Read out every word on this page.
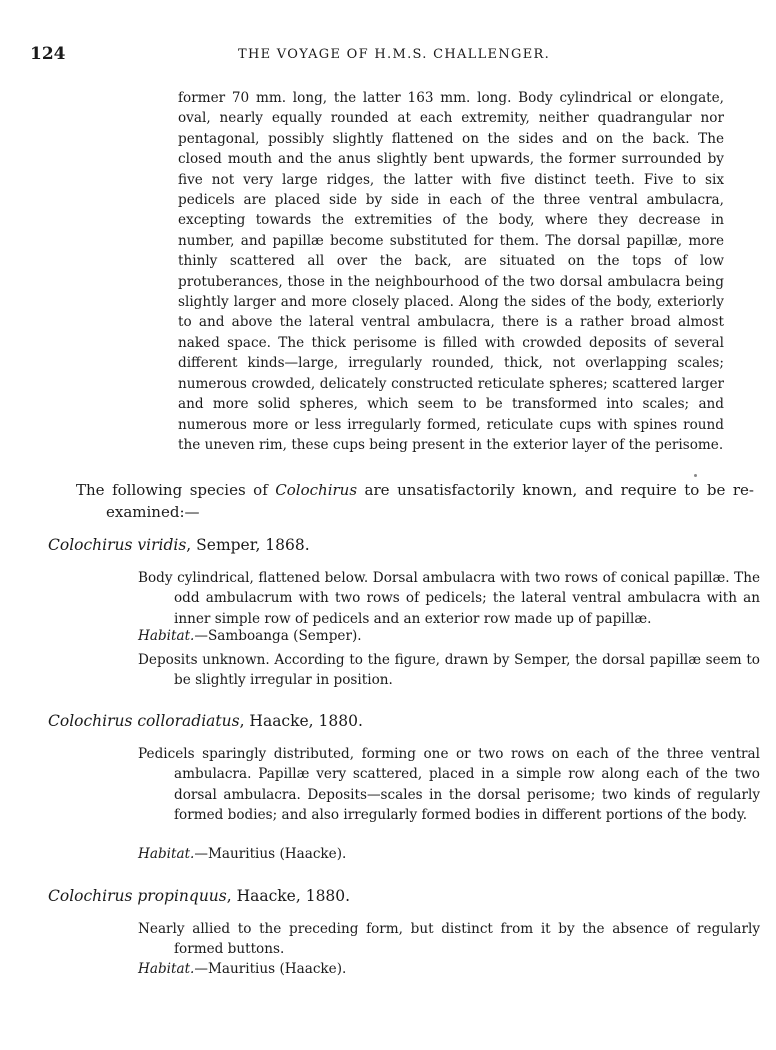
124	THE VOYAGE OF H.M.S. CHALLENGER.

former 70 mm. long, the latter 163 mm. long. Body cylindrical or elongate, oval, nearly equally rounded at each extremity, neither quadrangular nor pentagonal, possibly slightly flattened on the sides and on the back. The closed mouth and the anus slightly bent upwards, the former surrounded by five not very large ridges, the latter with five distinct teeth. Five to six pedicels are placed side by side in each of the three ventral ambulacra, excepting towards the extremities of the body, where they decrease in number, and papillæ become substituted for them. The dorsal papillæ, more thinly scattered all over the back, are situated on the tops of low protuberances, those in the neighbourhood of the two dorsal ambulacra being slightly larger and more closely placed. Along the sides of the body, exteriorly to and above the lateral ventral ambulacra, there is a rather broad almost naked space. The thick perisome is filled with crowded deposits of several different kinds—large, irregularly rounded, thick, not overlapping scales; numerous crowded, delicately constructed reticulate spheres; scattered larger and more solid spheres, which seem to be transformed into scales; and numerous more or less irregularly formed, reticulate cups with spines round the uneven rim, these cups being present in the exterior layer of the perisome.

The following species of Colochirus are unsatisfactorily known, and require to be re-examined:—

Colochirus viridis, Semper, 1868.

Body cylindrical, flattened below. Dorsal ambulacra with two rows of conical papillæ. The odd ambulacrum with two rows of pedicels; the lateral ventral ambulacra with an inner simple row of pedicels and an exterior row made up of papillæ.

Habitat.—Samboanga (Semper).

Deposits unknown. According to the figure, drawn by Semper, the dorsal papillæ seem to be slightly irregular in position.

Colochirus colloradiatus, Haacke, 1880.

Pedicels sparingly distributed, forming one or two rows on each of the three ventral ambulacra. Papillæ very scattered, placed in a simple row along each of the two dorsal ambulacra. Deposits—scales in the dorsal perisome; two kinds of regularly formed bodies; and also irregularly formed bodies in different portions of the body.

Habitat.—Mauritius (Haacke).

Colochirus propinquus, Haacke, 1880.

Nearly allied to the preceding form, but distinct from it by the absence of regularly formed buttons.

Habitat.—Mauritius (Haacke).
